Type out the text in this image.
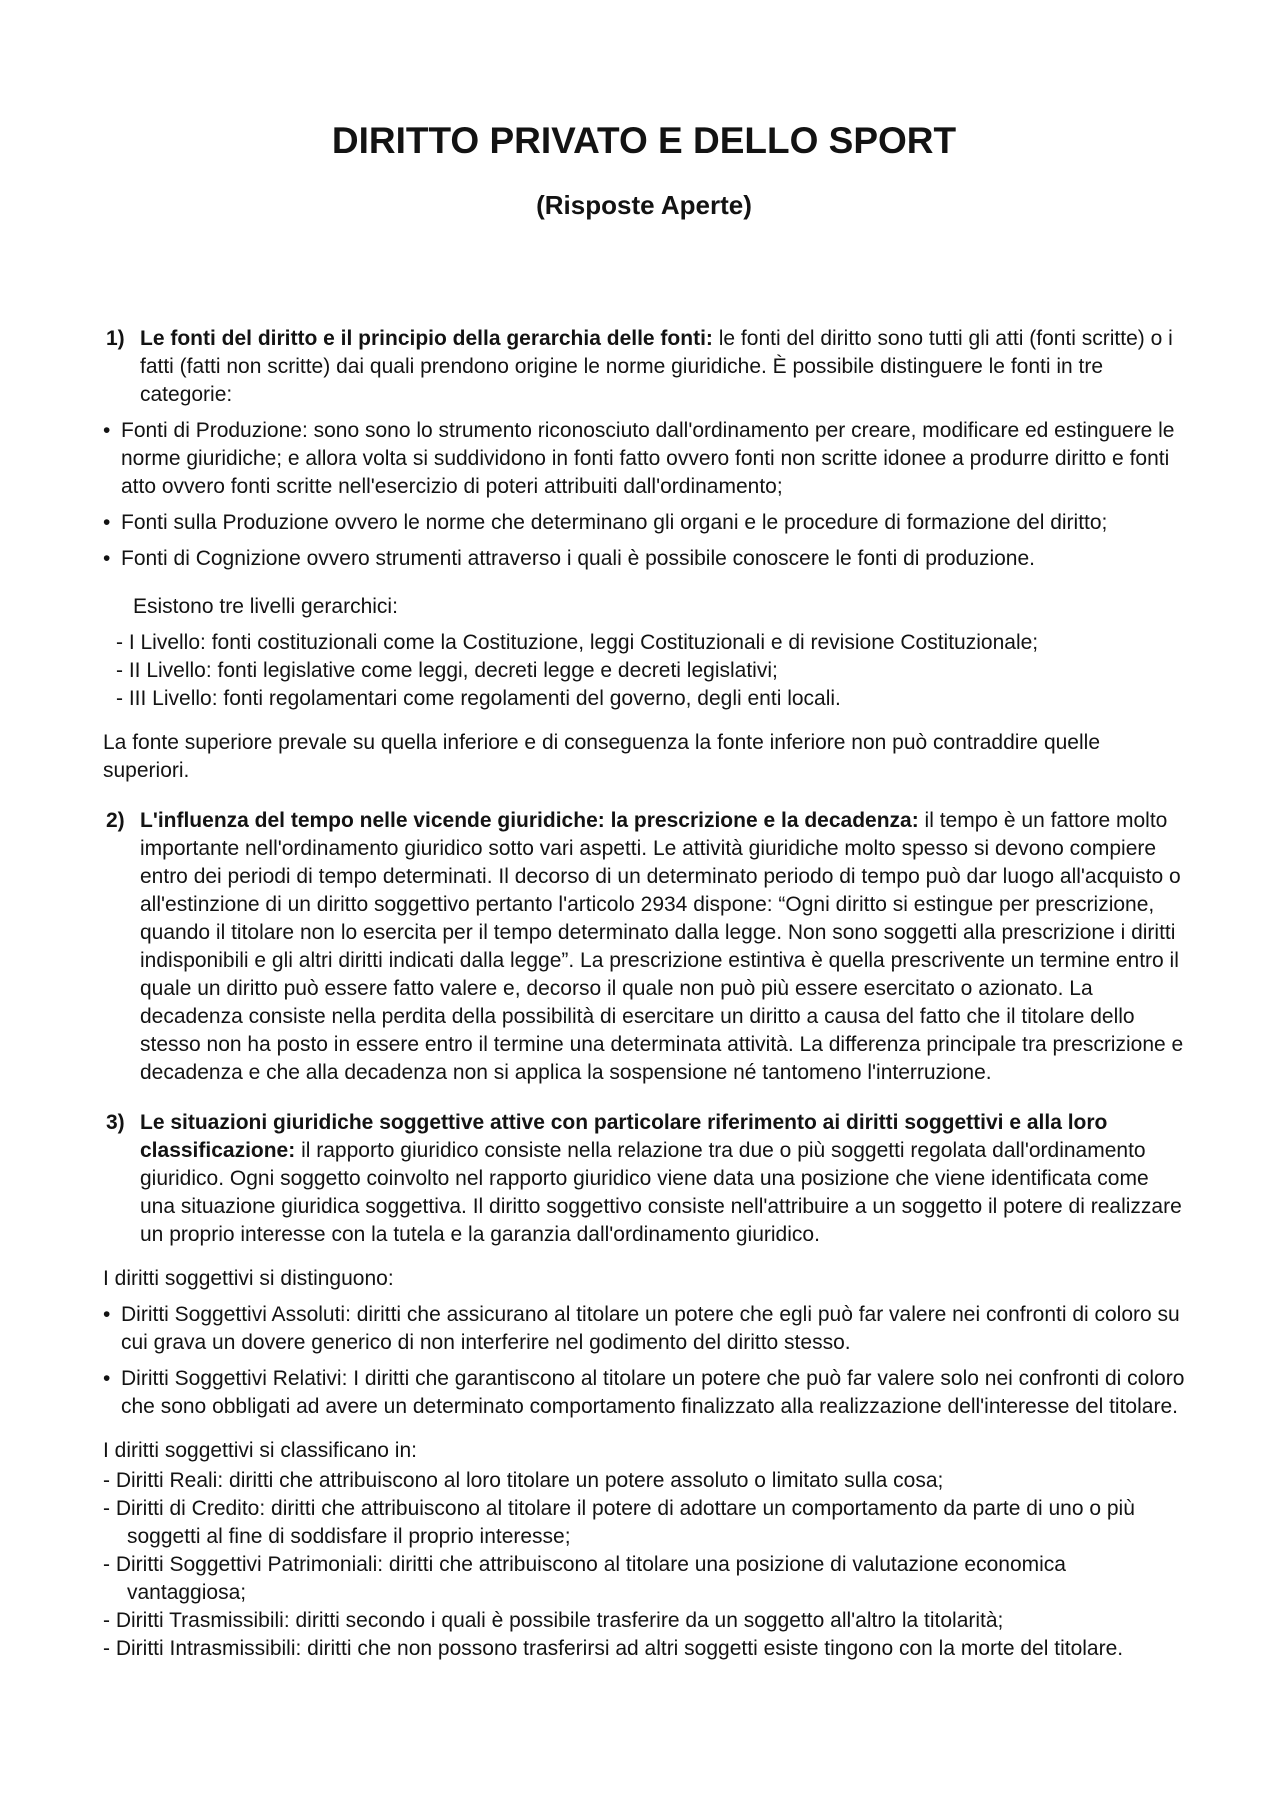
DIRITTO PRIVATO E DELLO SPORT
(Risposte Aperte)
1) Le fonti del diritto e il principio della gerarchia delle fonti: le fonti del diritto sono tutti gli atti (fonti scritte) o i fatti (fatti non scritte) dai quali prendono origine le norme giuridiche. È possibile distinguere le fonti in tre categorie:
• Fonti di Produzione: sono sono lo strumento riconosciuto dall'ordinamento per creare, modificare ed estinguere le norme giuridiche; e allora volta si suddividono in fonti fatto ovvero fonti non scritte idonee a produrre diritto e fonti atto ovvero fonti scritte nell'esercizio di poteri attribuiti dall'ordinamento;
• Fonti sulla Produzione ovvero le norme che determinano gli organi e le procedure di formazione del diritto;
• Fonti di Cognizione ovvero strumenti attraverso i quali è possibile conoscere le fonti di produzione.

Esistono tre livelli gerarchici:

- I Livello: fonti costituzionali come la Costituzione, leggi Costituzionali e di revisione Costituzionale;
- II Livello: fonti legislative come leggi, decreti legge e decreti legislativi;
- III Livello: fonti regolamentari come regolamenti del governo, degli enti locali.

La fonte superiore prevale su quella inferiore e di conseguenza la fonte inferiore non può contraddire quelle superiori.

2) L'influenza del tempo nelle vicende giuridiche: la prescrizione e la decadenza: il tempo è un fattore molto importante nell'ordinamento giuridico sotto vari aspetti. Le attività giuridiche molto spesso si devono compiere entro dei periodi di tempo determinati. Il decorso di un determinato periodo di tempo può dar luogo all'acquisto o all'estinzione di un diritto soggettivo pertanto l'articolo 2934 dispone: “Ogni diritto si estingue per prescrizione, quando il titolare non lo esercita per il tempo determinato dalla legge. Non sono soggetti alla prescrizione i diritti indisponibili e gli altri diritti indicati dalla legge”. La prescrizione estintiva è quella prescrivente un termine entro il quale un diritto può essere fatto valere e, decorso il quale non può più essere esercitato o azionato. La decadenza consiste nella perdita della possibilità di esercitare un diritto a causa del fatto che il titolare dello stesso non ha posto in essere entro il termine una determinata attività. La differenza principale tra prescrizione e decadenza e che alla decadenza non si applica la sospensione né tantomeno l'interruzione.
3) Le situazioni giuridiche soggettive attive con particolare riferimento ai diritti soggettivi e alla loro classificazione: il rapporto giuridico consiste nella relazione tra due o più soggetti regolata dall'ordinamento giuridico. Ogni soggetto coinvolto nel rapporto giuridico viene data una posizione che viene identificata come una situazione giuridica soggettiva. Il diritto soggettivo consiste nell'attribuire a un soggetto il potere di realizzare un proprio interesse con la tutela e la garanzia dall'ordinamento giuridico.

I diritti soggettivi si distinguono:

• Diritti Soggettivi Assoluti: diritti che assicurano al titolare un potere che egli può far valere nei confronti di coloro su cui grava un dovere generico di non interferire nel godimento del diritto stesso.
• Diritti Soggettivi Relativi: I diritti che garantiscono al titolare un potere che può far valere solo nei confronti di coloro che sono obbligati ad avere un determinato comportamento finalizzato alla realizzazione dell'interesse del titolare.

I diritti soggettivi si classificano in:

- Diritti Reali: diritti che attribuiscono al loro titolare un potere assoluto o limitato sulla cosa;
- Diritti di Credito: diritti che attribuiscono al titolare il potere di adottare un comportamento da parte di uno o più soggetti al fine di soddisfare il proprio interesse;
- Diritti Soggettivi Patrimoniali: diritti che attribuiscono al titolare una posizione di valutazione economica vantaggiosa;
- Diritti Trasmissibili: diritti secondo i quali è possibile trasferire da un soggetto all'altro la titolarità;
- Diritti Intrasmissibili: diritti che non possono trasferirsi ad altri soggetti esiste tingono con la morte del titolare.
